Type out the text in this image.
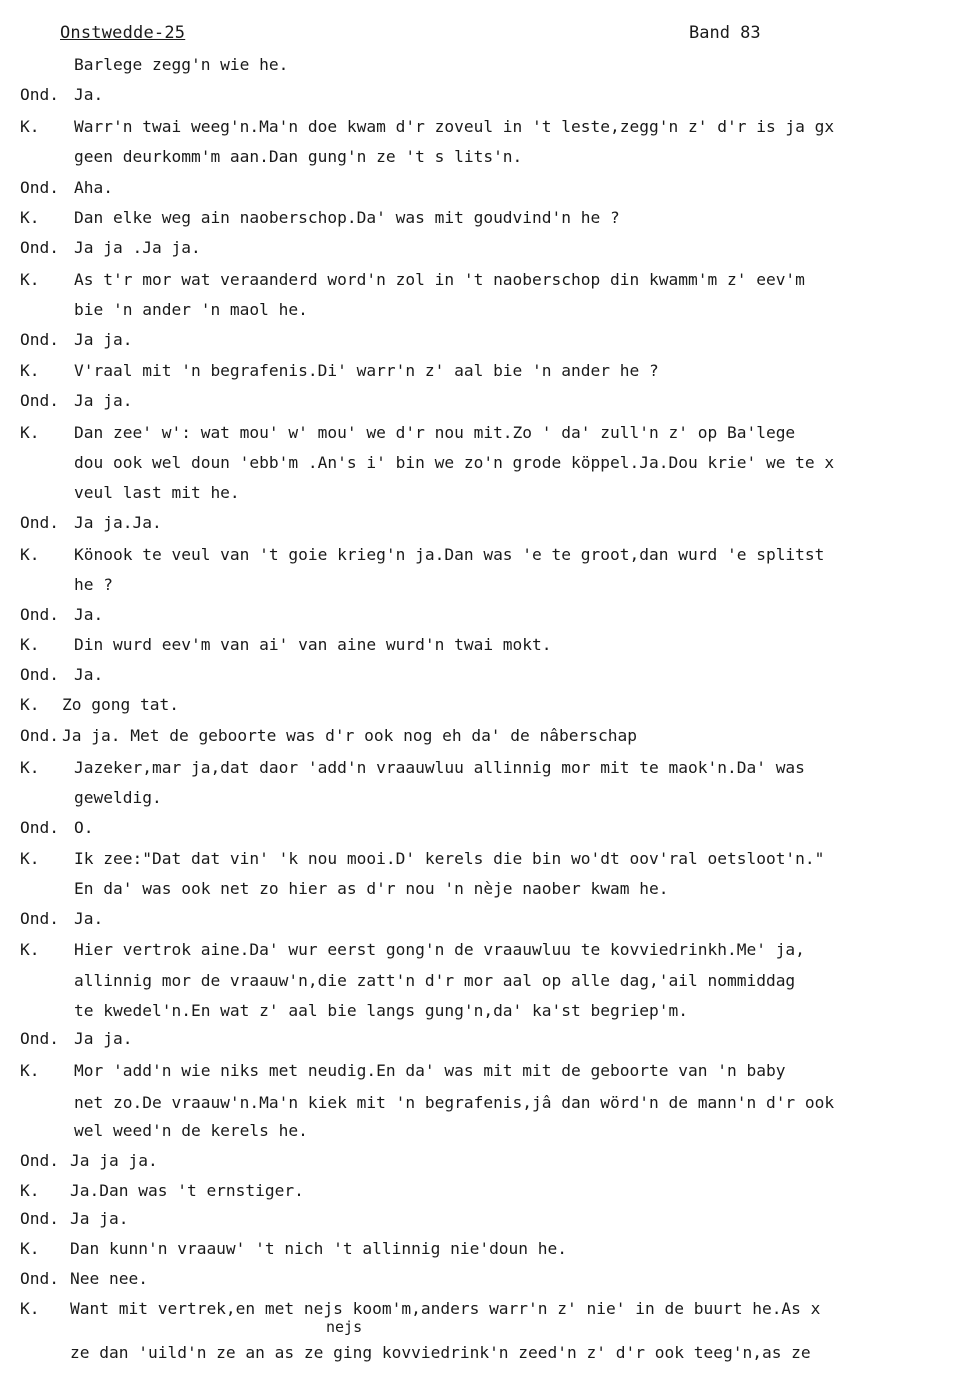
Onstwedde-25	Band 83
Barlege zegg'n wie he.
Ond. Ja.
K. Warr'n twai weeg'n.Ma'n doe kwam d'r zoveul in 't leste,zegg'n z' d'r is ja gx
geen deurkomm'm aan.Dan gung'n ze 't s lits'n.
Ond. Aha.
K. Dan elke weg ain naoberschop.Da' was mit goudvind'n he ?
Ond. Ja ja .Ja ja.
K. As t'r mor wat veraanderd word'n zol in 't naoberschop din kwamm'm z' eev'm
bie 'n ander 'n maol he.
Ond. Ja ja.
K. V'raal mit 'n begrafenis.Di' warr'n z' aal bie 'n ander he ?
Ond. Ja ja.
K. Dan zee' w': wat mou' w' mou' we d'r nou mit.Zo ' da' zull'n z' op Ba'lege
dou ook wel doun 'ebb'm .An's i' bin we zo'n grode köppel.Ja.Dou krie' we te x
veul last mit he.
Ond. Ja ja.Ja.
K. Könook te veul van 't goie krieg'n ja.Dan was 'e te groot,dan wurd 'e splitst
he ?
Ond. Ja.
K. Din wurd eev'm van ai' van aine wurd'n twai mokt.
Ond. Ja.
K. Zo gong tat.
Ond. Ja ja. Met de geboorte was d'r ook nog eh da' de nâberschap
K. Jazeker,mar ja,dat daor 'add'n vraauwluu allinnig mor mit te maok'n.Da' was
geweldig.
Ond. O.
K. Ik zee:"Dat dat vin' 'k nou mooi.D' kerels die bin wo'dt oov'ral oetsloot'n."
En da' was ook net zo hier as d'r nou 'n nèje naober kwam he.
Ond. Ja.
K. Hier vertrok aine.Da' wur eerst gong'n de vraauwluu te kovviedrinkh.Me' ja,
allinnig mor de vraauw'n,die zatt'n d'r mor aal op alle dag,'ail nommiddag
te kwedel'n.En wat z' aal bie langs gung'n,da' ka'st begriep'm.
Ond. Ja ja.
K. Mor 'add'n wie niks met neudig.En da' was mit mit de geboorte van 'n baby
net zo.De vraauw'n.Ma'n kiek mit 'n begrafenis,jâ dan wörd'n de mann'n d'r ook
wel weed'n de kerels he.
Ond. Ja ja ja.
K. Ja.Dan was 't ernstiger.
Ond. Ja ja.
K. Dan kunn'n vraauw' 't nich 't allinnig nie'doun he.
Ond. Nee nee.
K. Want mit vertrek,en met nejs koom'm,anders warr'n z' nie' in de buurt he.As x
ze dan 'uild'n ze an as ze ging kovviedrink'n zeed'n z' d'r ook teeg'n,as ze
nejs
